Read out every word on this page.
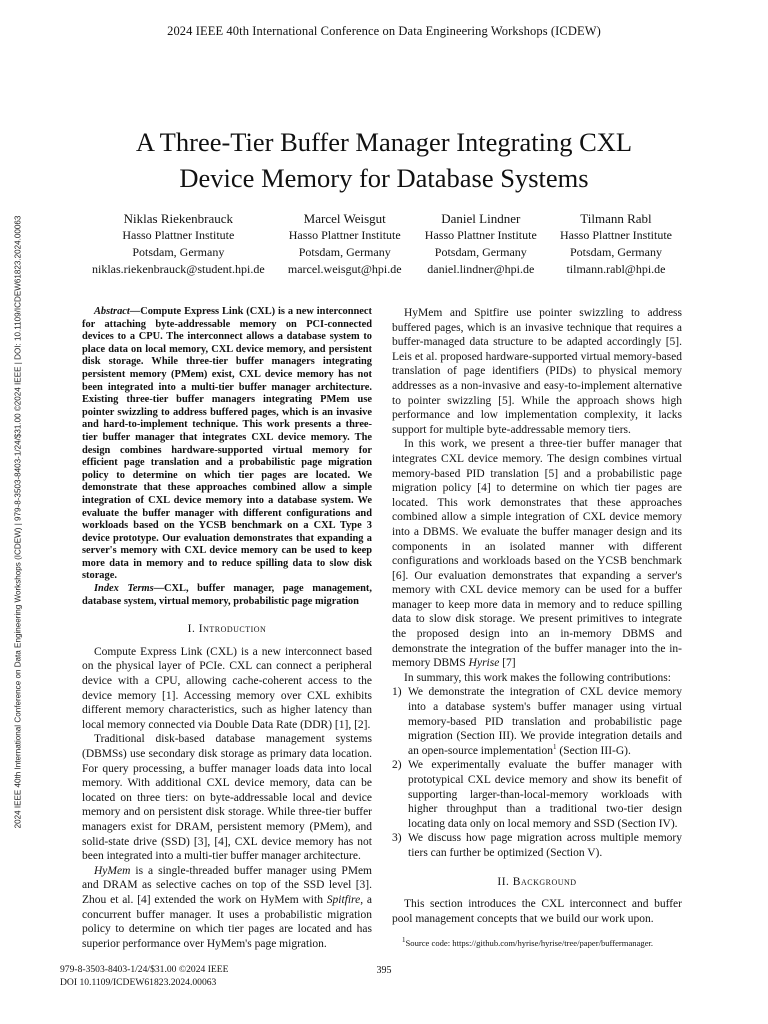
2024 IEEE 40th International Conference on Data Engineering Workshops (ICDEW)
2024 IEEE 40th International Conference on Data Engineering Workshops (ICDEW) | 979-8-3503-8403-1/24/$31.00 ©2024 IEEE | DOI: 10.1109/ICDEW61823.2024.00063
A Three-Tier Buffer Manager Integrating CXL
Device Memory for Database Systems
Niklas Riekenbrauck
Hasso Plattner Institute
Potsdam, Germany
niklas.riekenbrauck@student.hpi.de
Marcel Weisgut
Hasso Plattner Institute
Potsdam, Germany
marcel.weisgut@hpi.de
Daniel Lindner
Hasso Plattner Institute
Potsdam, Germany
daniel.lindner@hpi.de
Tilmann Rabl
Hasso Plattner Institute
Potsdam, Germany
tilmann.rabl@hpi.de

Abstract—Compute Express Link (CXL) is a new interconnect for attaching byte-addressable memory on PCI-connected devices to a CPU. The interconnect allows a database system to place data on local memory, CXL device memory, and persistent disk storage. While three-tier buffer managers integrating persistent memory (PMem) exist, CXL device memory has not been integrated into a multi-tier buffer manager architecture. Existing three-tier buffer managers integrating PMem use pointer swizzling to address buffered pages, which is an invasive and hard-to-implement technique. This work presents a three-tier buffer manager that integrates CXL device memory. The design combines hardware-supported virtual memory for efficient page translation and a probabilistic page migration policy to determine on which tier pages are located. We demonstrate that these approaches combined allow a simple integration of CXL device memory into a database system. We evaluate the buffer manager with different configurations and workloads based on the YCSB benchmark on a CXL Type 3 device prototype. Our evaluation demonstrates that expanding a server's memory with CXL device memory can be used to keep more data in memory and to reduce spilling data to slow disk storage.

Index Terms—CXL, buffer manager, page management, database system, virtual memory, probabilistic page migration

I. Introduction

Compute Express Link (CXL) is a new interconnect based on the physical layer of PCIe. CXL can connect a peripheral device with a CPU, allowing cache-coherent access to the device memory [1]. Accessing memory over CXL exhibits different memory characteristics, such as higher latency than local memory connected via Double Data Rate (DDR) [1], [2].

Traditional disk-based database management systems (DBMSs) use secondary disk storage as primary data location. For query processing, a buffer manager loads data into local memory. With additional CXL device memory, data can be located on three tiers: on byte-addressable local and device memory and on persistent disk storage. While three-tier buffer managers exist for DRAM, persistent memory (PMem), and solid-state drive (SSD) [3], [4], CXL device memory has not been integrated into a multi-tier buffer manager architecture.

HyMem is a single-threaded buffer manager using PMem and DRAM as selective caches on top of the SSD level [3]. Zhou et al. [4] extended the work on HyMem with Spitfire, a concurrent buffer manager. It uses a probabilistic migration policy to determine on which tier pages are located and has superior performance over HyMem's page migration.

HyMem and Spitfire use pointer swizzling to address buffered pages, which is an invasive technique that requires a buffer-managed data structure to be adapted accordingly [5]. Leis et al. proposed hardware-supported virtual memory-based translation of page identifiers (PIDs) to physical memory addresses as a non-invasive and easy-to-implement alternative to pointer swizzling [5]. While the approach shows high performance and low implementation complexity, it lacks support for multiple byte-addressable memory tiers.

In this work, we present a three-tier buffer manager that integrates CXL device memory. The design combines virtual memory-based PID translation [5] and a probabilistic page migration policy [4] to determine on which tier pages are located. This work demonstrates that these approaches combined allow a simple integration of CXL device memory into a DBMS. We evaluate the buffer manager design and its components in an isolated manner with different configurations and workloads based on the YCSB benchmark [6]. Our evaluation demonstrates that expanding a server's memory with CXL device memory can be used for a buffer manager to keep more data in memory and to reduce spilling data to slow disk storage. We present primitives to integrate the proposed design into an in-memory DBMS and demonstrate the integration of the buffer manager into the in-memory DBMS Hyrise [7]

In summary, this work makes the following contributions:

1) We demonstrate the integration of CXL device memory into a database system's buffer manager using virtual memory-based PID translation and probabilistic page migration (Section III). We provide integration details and an open-source implementation$^1$ (Section III-G).
2) We experimentally evaluate the buffer manager with prototypical CXL device memory and show its benefit of supporting larger-than-local-memory workloads with higher throughput than a traditional two-tier design locating data only on local memory and SSD (Section IV).
3) We discuss how page migration across multiple memory tiers can further be optimized (Section V).
II. Background

This section introduces the CXL interconnect and buffer pool management concepts that we build our work upon.

$^1$Source code: https://github.com/hyrise/hyrise/tree/paper/buffermanager.

979-8-3503-8403-1/24/$31.00 ©2024 IEEE
DOI 10.1109/ICDEW61823.2024.00063
395
